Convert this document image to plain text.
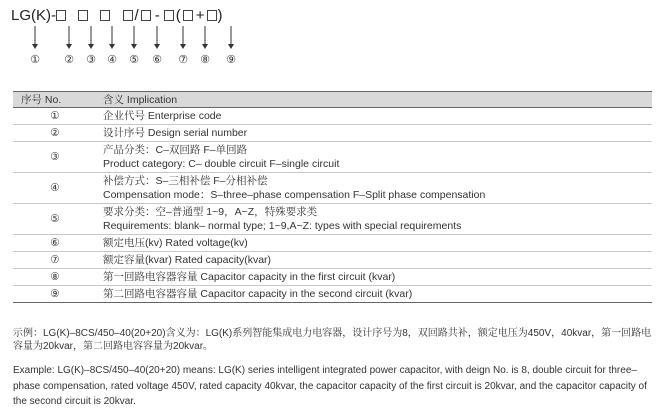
LG(K)-	/ - ( + )
① ② ③ ④ ⑤ ⑥ ⑦ ⑧ ⑨
序号 No.	含义 Implication
①	企业代号 Enterprise code
②	设计序号 Design serial number
③	产品分类：C–双回路 F–单回路
Product category: C– double circuit F–single circuit

④	补偿方式：S–三相补偿 F–分相补偿
Compensation mode：S–three–phase compensation F–Split phase compensation

⑤	要求分类：空–普通型 1~9，A~Z，特殊要求类
Requirements: blank– normal type; 1~9,A~Z: types with special requirements

⑥	额定电压(kv) Rated voltage(kv)
⑦	额定容量(kvar) Rated capacity(kvar)
⑧	第一回路电容器容量 Capacitor capacity in the first circuit (kvar)
⑨	第二回路电容器容量 Capacitor capacity in the second circuit (kvar)
示例：LG(K)–8CS/450–40(20+20)含义为：LG(K)系列智能集成电力电容器，设计序号为8，双回路共补，额定电压为450V，40kvar，第一回路电容量为20kvar，第二回路电容容量为20kvar。
Example: LG(K)–8CS/450–40(20+20) means: LG(K) series intelligent integrated power capacitor, with deign No. is 8, double circuit for three–phase compensation, rated voltage 450V, rated capacity 40kvar, the capacitor capacity of the first circuit is 20kvar, and the capacitor capacity of the second circuit is 20kvar.
